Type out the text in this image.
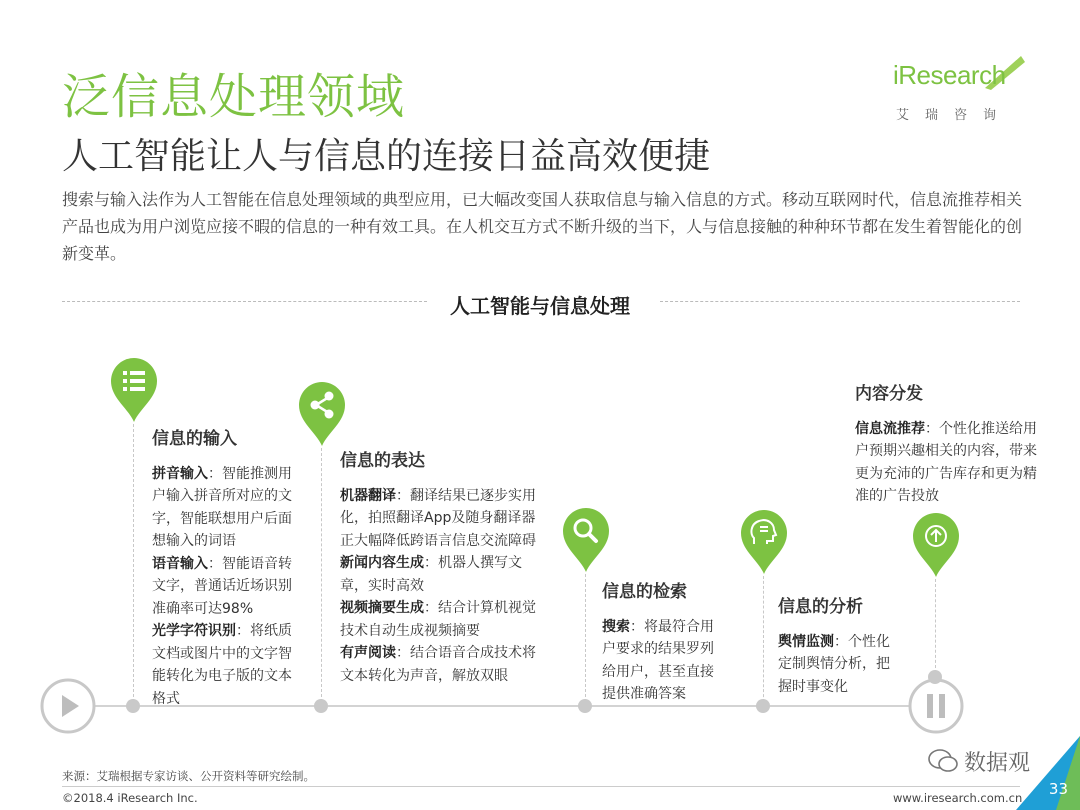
泛信息处理领域
人工智能让人与信息的连接日益高效便捷
搜索与输入法作为人工智能在信息处理领域的典型应用，已大幅改变国人获取信息与输入信息的方式。移动互联网时代，信息流推荐相关产品也成为用户浏览应接不暇的信息的一种有效工具。在人机交互方式不断升级的当下，人与信息接触的种种环节都在发生着智能化的创新变革。
iResearch
艾瑞咨询
人工智能与信息处理
信息的输入
拼音输入：智能推测用户输入拼音所对应的文字，智能联想用户后面想输入的词语
语音输入：智能语音转文字，普通话近场识别准确率可达98%
光学字符识别：将纸质文档或图片中的文字智能转化为电子版的文本格式
信息的表达
机器翻译：翻译结果已逐步实用化，拍照翻译App及随身翻译器正大幅降低跨语言信息交流障碍
新闻内容生成：机器人撰写文章，实时高效
视频摘要生成：结合计算机视觉技术自动生成视频摘要
有声阅读：结合语音合成技术将文本转化为声音，解放双眼
信息的检索
搜索：将最符合用户要求的结果罗列给用户，甚至直接提供准确答案
信息的分析
舆情监测：个性化定制舆情分析，把握时事变化
内容分发
信息流推荐：个性化推送给用户预期兴趣相关的内容，带来更为充沛的广告库存和更为精准的广告投放
来源：艾瑞根据专家访谈、公开资料等研究绘制。
©2018.4 iResearch Inc.	www.iresearch.com.cn 33
数据观
